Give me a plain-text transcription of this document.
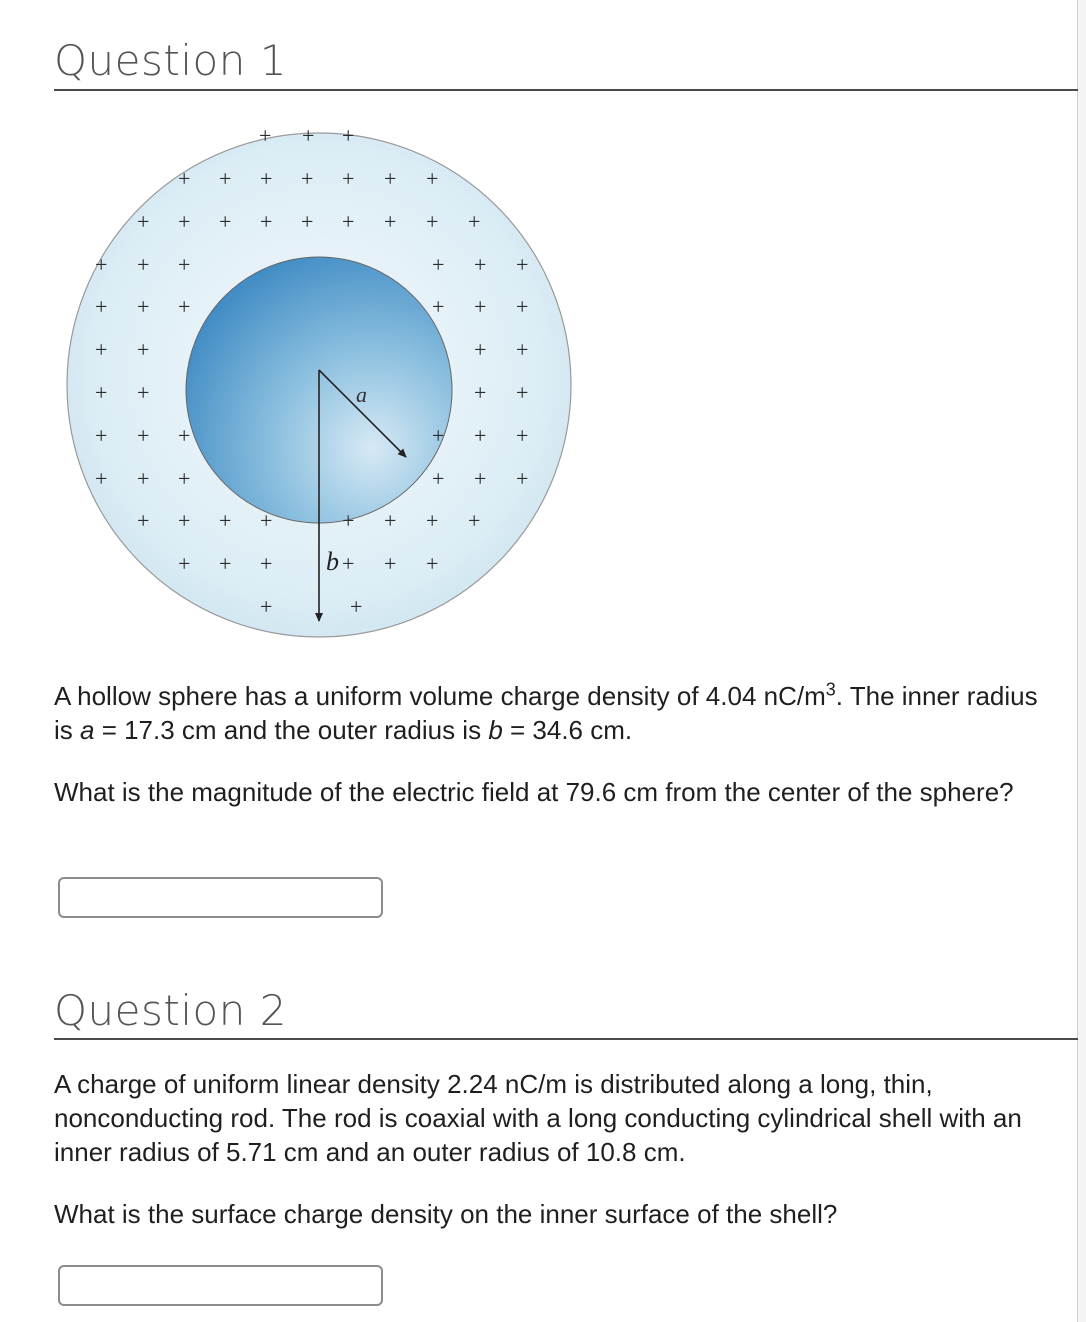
Question 1
+ + +
+ + + + + + +
+ + + + + + + + +
+ + +	+ + +
+ + +	+ + +
+ +	+ +
+ +	+ +
+ + +	+ + +
+ + +	+ + +
+ + + +	+ + + +
+ + +	+ + +
+	+
a
b

A hollow sphere has a uniform volume charge density of 4.04 $nC/m^3$. The inner radius is a = 17.3 cm and the outer radius is b = 34.6 cm.

What is the magnitude of the electric field at 79.6 cm from the center of the sphere?

Question 2

A charge of uniform linear density 2.24 nC/m is distributed along a long, thin, nonconducting rod. The rod is coaxial with a long conducting cylindrical shell with an inner radius of 5.71 cm and an outer radius of 10.8 cm.

What is the surface charge density on the inner surface of the shell?
